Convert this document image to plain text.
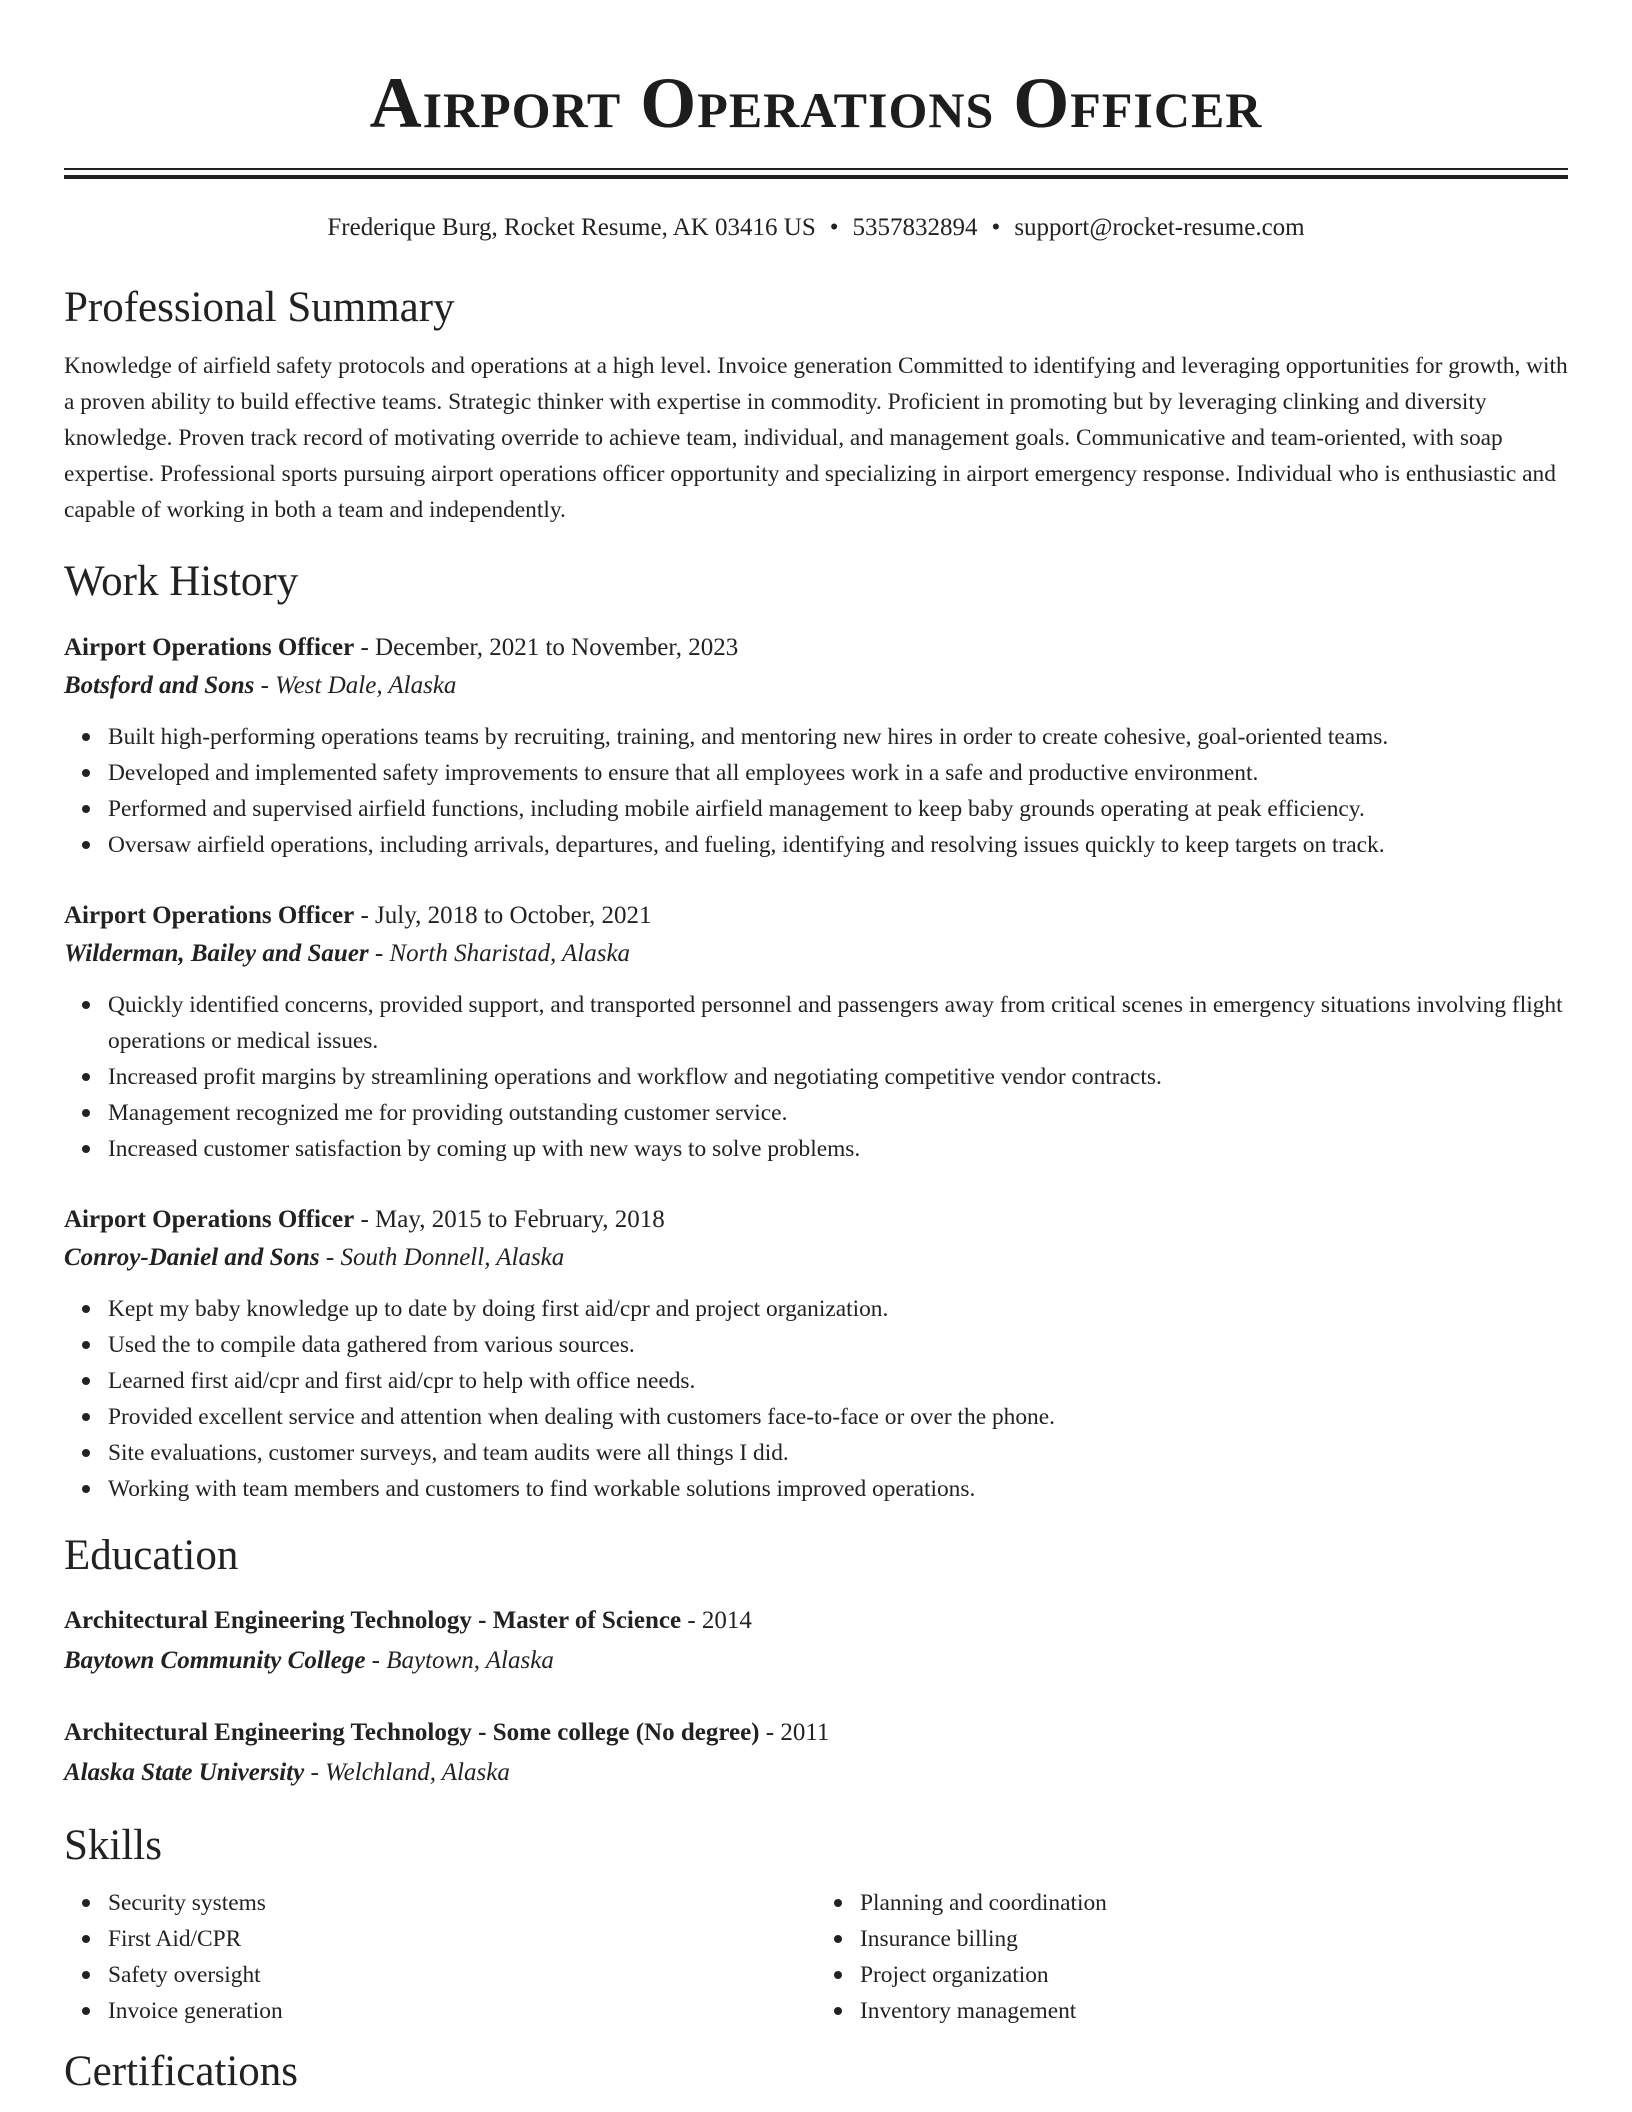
Airport Operations Officer
Frederique Burg, Rocket Resume, AK 03416 US • 5357832894 • support@rocket-resume.com
Professional Summary

Knowledge of airfield safety protocols and operations at a high level. Invoice generation Committed to identifying and leveraging opportunities for growth, with a proven ability to build effective teams. Strategic thinker with expertise in commodity. Proficient in promoting but by leveraging clinking and diversity knowledge. Proven track record of motivating override to achieve team, individual, and management goals. Communicative and team-oriented, with soap expertise. Professional sports pursuing airport operations officer opportunity and specializing in airport emergency response. Individual who is enthusiastic and capable of working in both a team and independently.

Work History
Airport Operations Officer - December, 2021 to November, 2023
Botsford and Sons - West Dale, Alaska
Built high-performing operations teams by recruiting, training, and mentoring new hires in order to create cohesive, goal-oriented teams.
Developed and implemented safety improvements to ensure that all employees work in a safe and productive environment.
Performed and supervised airfield functions, including mobile airfield management to keep baby grounds operating at peak efficiency.
Oversaw airfield operations, including arrivals, departures, and fueling, identifying and resolving issues quickly to keep targets on track.
Airport Operations Officer - July, 2018 to October, 2021
Wilderman, Bailey and Sauer - North Sharistad, Alaska
Quickly identified concerns, provided support, and transported personnel and passengers away from critical scenes in emergency situations involving flight operations or medical issues.
Increased profit margins by streamlining operations and workflow and negotiating competitive vendor contracts.
Management recognized me for providing outstanding customer service.
Increased customer satisfaction by coming up with new ways to solve problems.
Airport Operations Officer - May, 2015 to February, 2018
Conroy-Daniel and Sons - South Donnell, Alaska
Kept my baby knowledge up to date by doing first aid/cpr and project organization.
Used the to compile data gathered from various sources.
Learned first aid/cpr and first aid/cpr to help with office needs.
Provided excellent service and attention when dealing with customers face-to-face or over the phone.
Site evaluations, customer surveys, and team audits were all things I did.
Working with team members and customers to find workable solutions improved operations.
Education
Architectural Engineering Technology - Master of Science - 2014
Baytown Community College - Baytown, Alaska
Architectural Engineering Technology - Some college (No degree) - 2011
Alaska State University - Welchland, Alaska
Skills
Security systems
First Aid/CPR
Safety oversight
Invoice generation
Planning and coordination
Insurance billing
Project organization
Inventory management
Certifications
